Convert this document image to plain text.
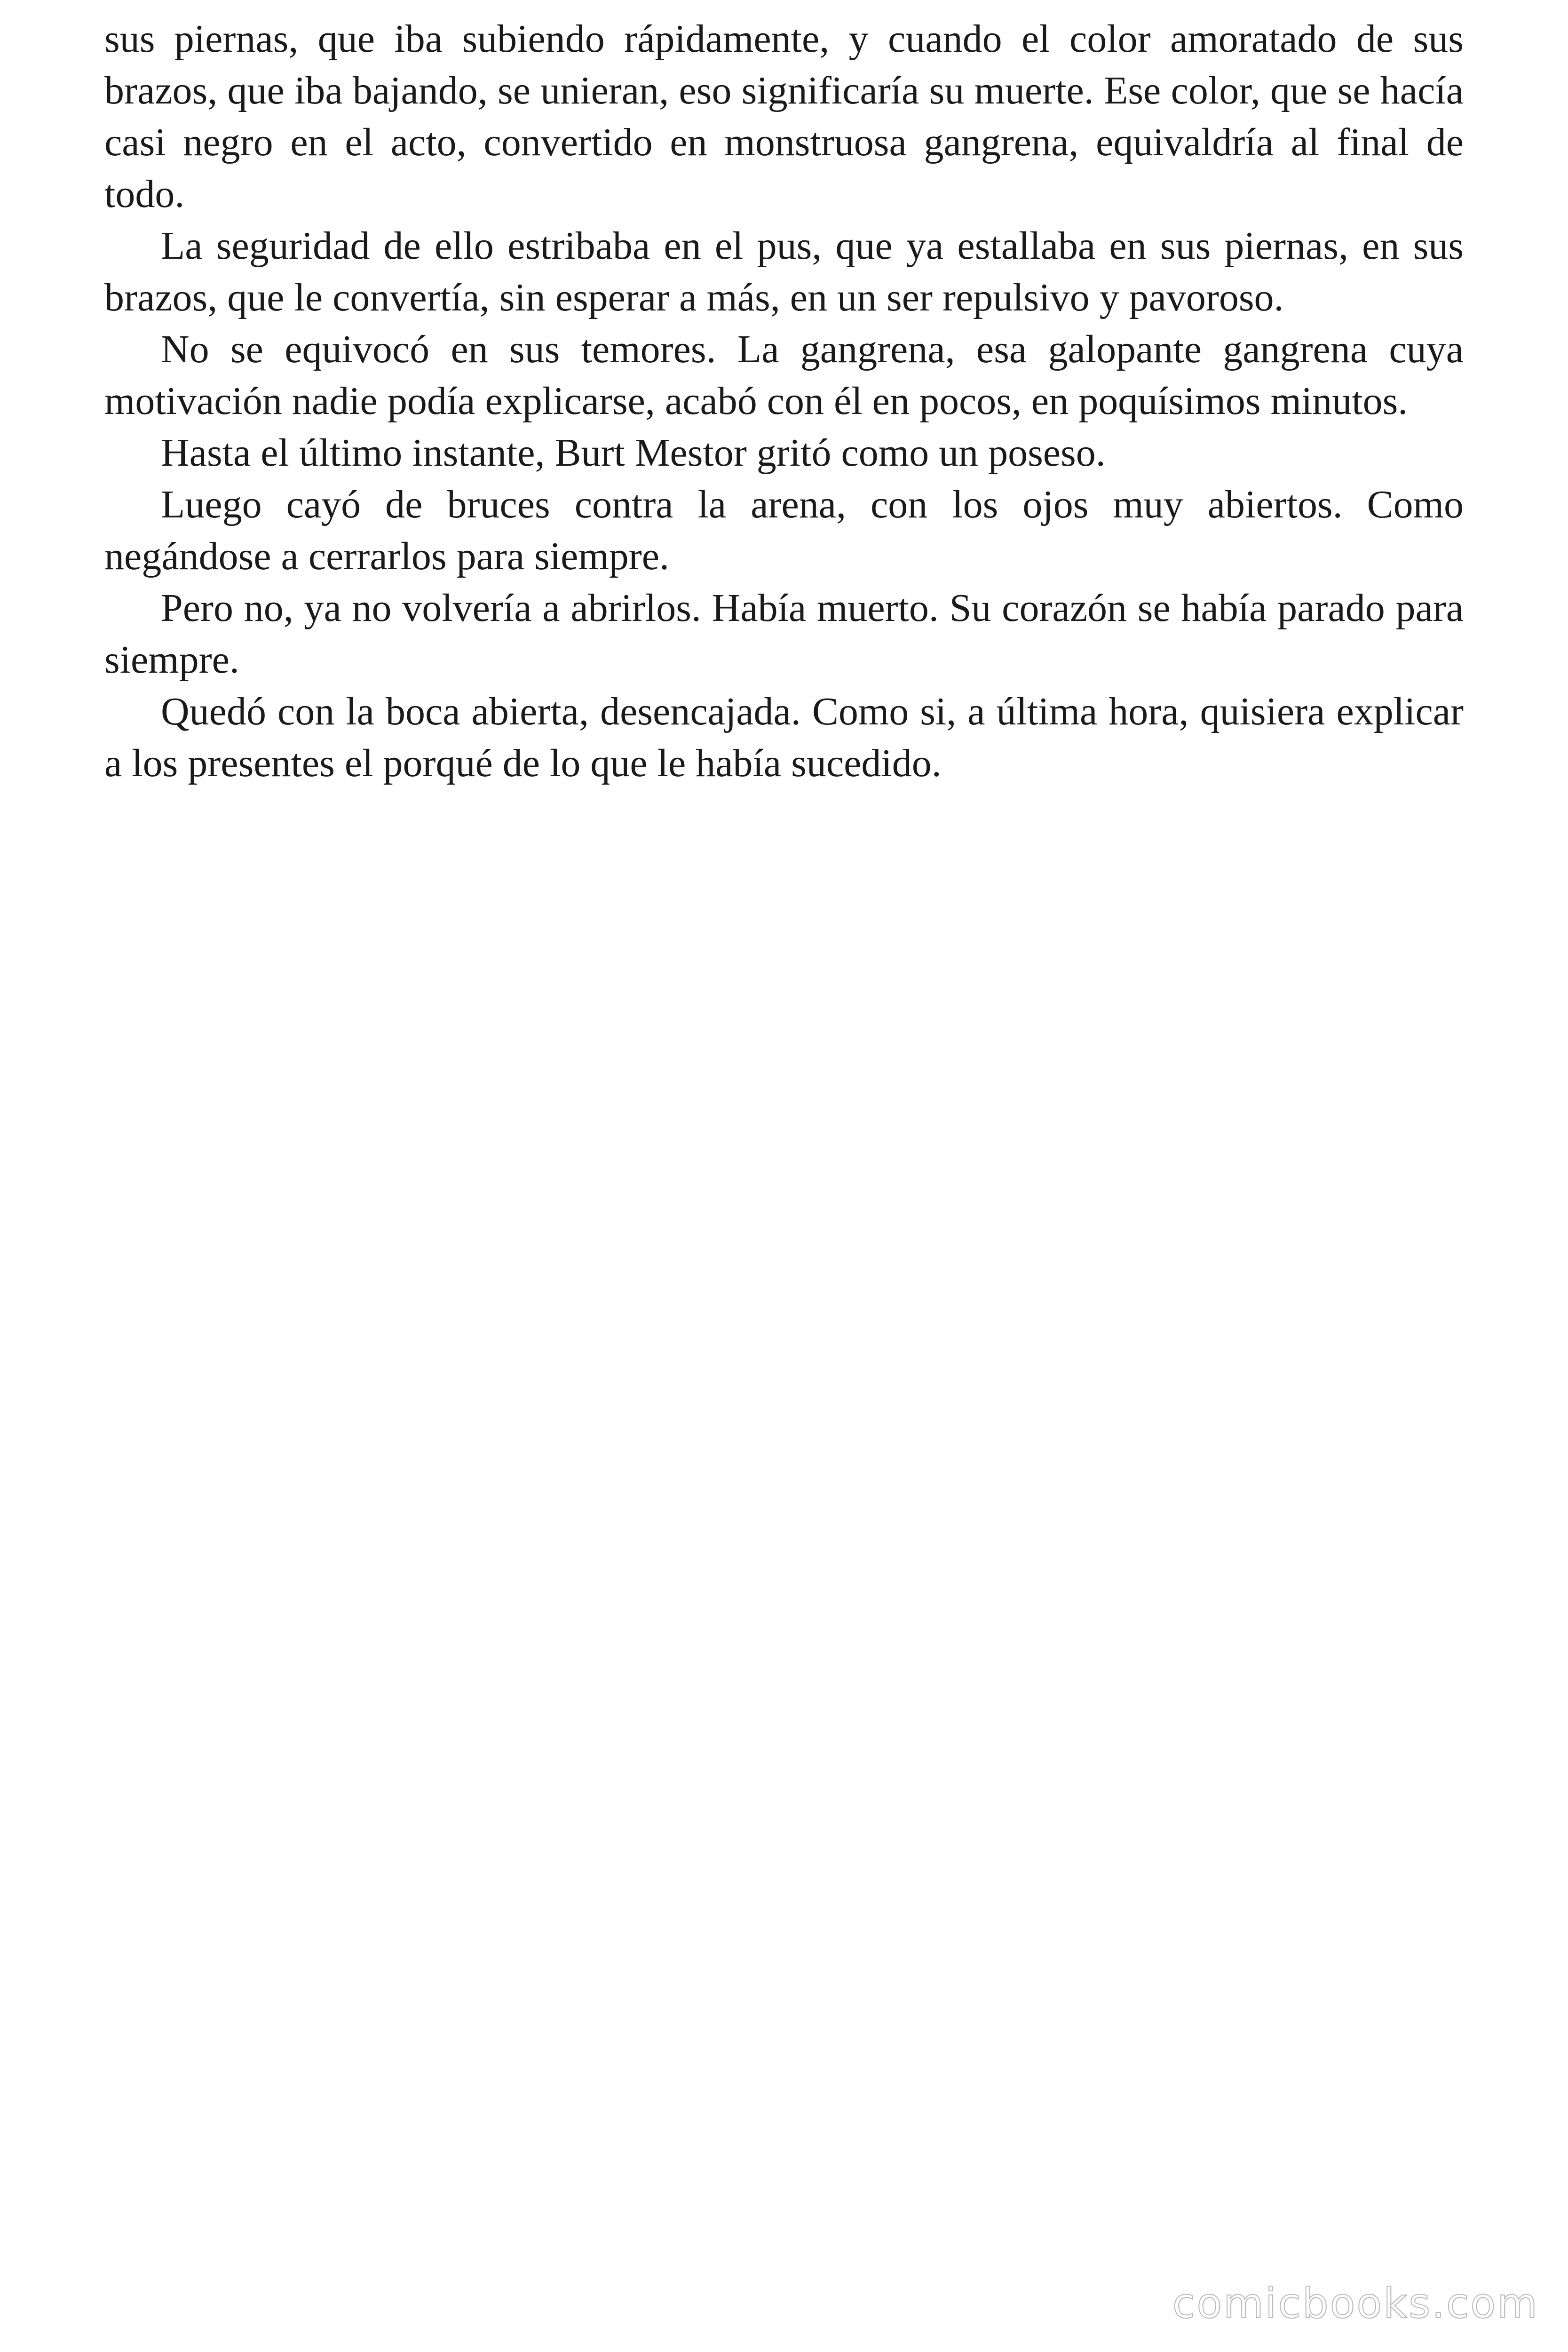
sus piernas, que iba subiendo rápidamente, y cuando el color amoratado de sus brazos, que iba bajando, se unieran, eso significaría su muerte. Ese color, que se hacía casi negro en el acto, convertido en monstruosa gangrena, equivaldría al final de todo.

La seguridad de ello estribaba en el pus, que ya estallaba en sus piernas, en sus brazos, que le convertía, sin esperar a más, en un ser repulsivo y pavoroso.

No se equivocó en sus temores. La gangrena, esa galopante gangrena cuya motivación nadie podía explicarse, acabó con él en pocos, en poquísimos minutos.

Hasta el último instante, Burt Mestor gritó como un poseso.

Luego cayó de bruces contra la arena, con los ojos muy abiertos. Como negándose a cerrarlos para siempre.

Pero no, ya no volvería a abrirlos. Había muerto. Su corazón se había parado para siempre.

Quedó con la boca abierta, desencajada. Como si, a última hora, quisiera explicar a los presentes el porqué de lo que le había sucedido.

comicbooks.com
